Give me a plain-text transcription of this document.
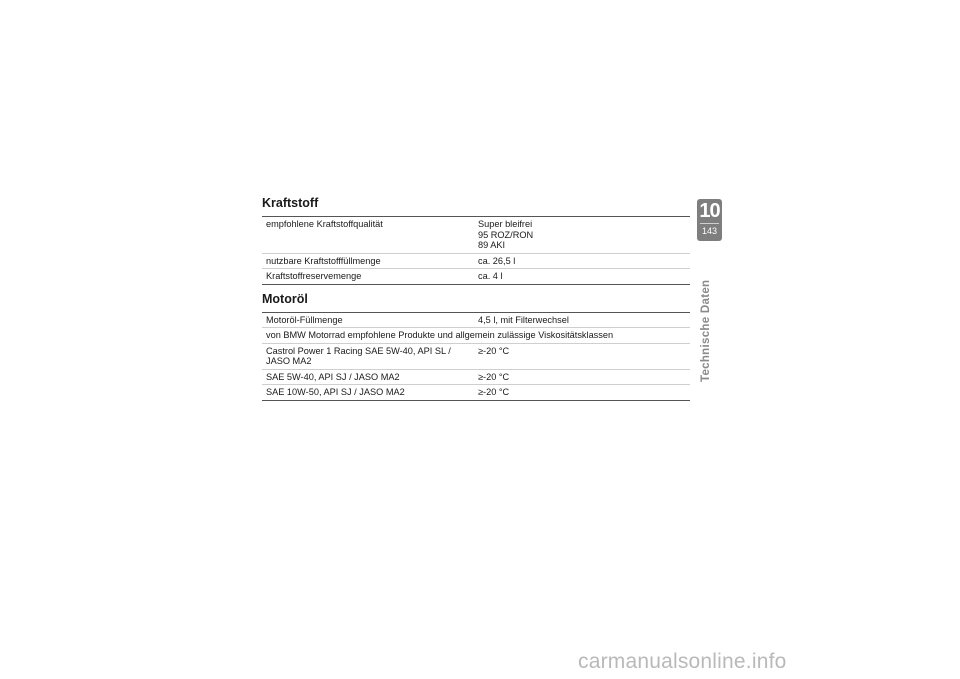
Kraftstoff
empfohlene Kraftstoffqualität	Super bleifrei
95 ROZ/RON
89 AKI
nutzbare Kraftstofffüllmenge	ca. 26,5 l
Kraftstoffreservemenge	ca. 4 l
Motoröl
Motoröl-Füllmenge	4,5 l, mit Filterwechsel
von BMW Motorrad empfohlene Produkte und allgemein zulässige Viskositätsklassen	
Castrol Power 1 Racing SAE 5W-40, API SL /
JASO MA2	≥-20 °C
SAE 5W-40, API SJ / JASO MA2	≥-20 °C
SAE 10W-50, API SJ / JASO MA2	≥-20 °C
10
143
Technische Daten
carmanualsonline.info
